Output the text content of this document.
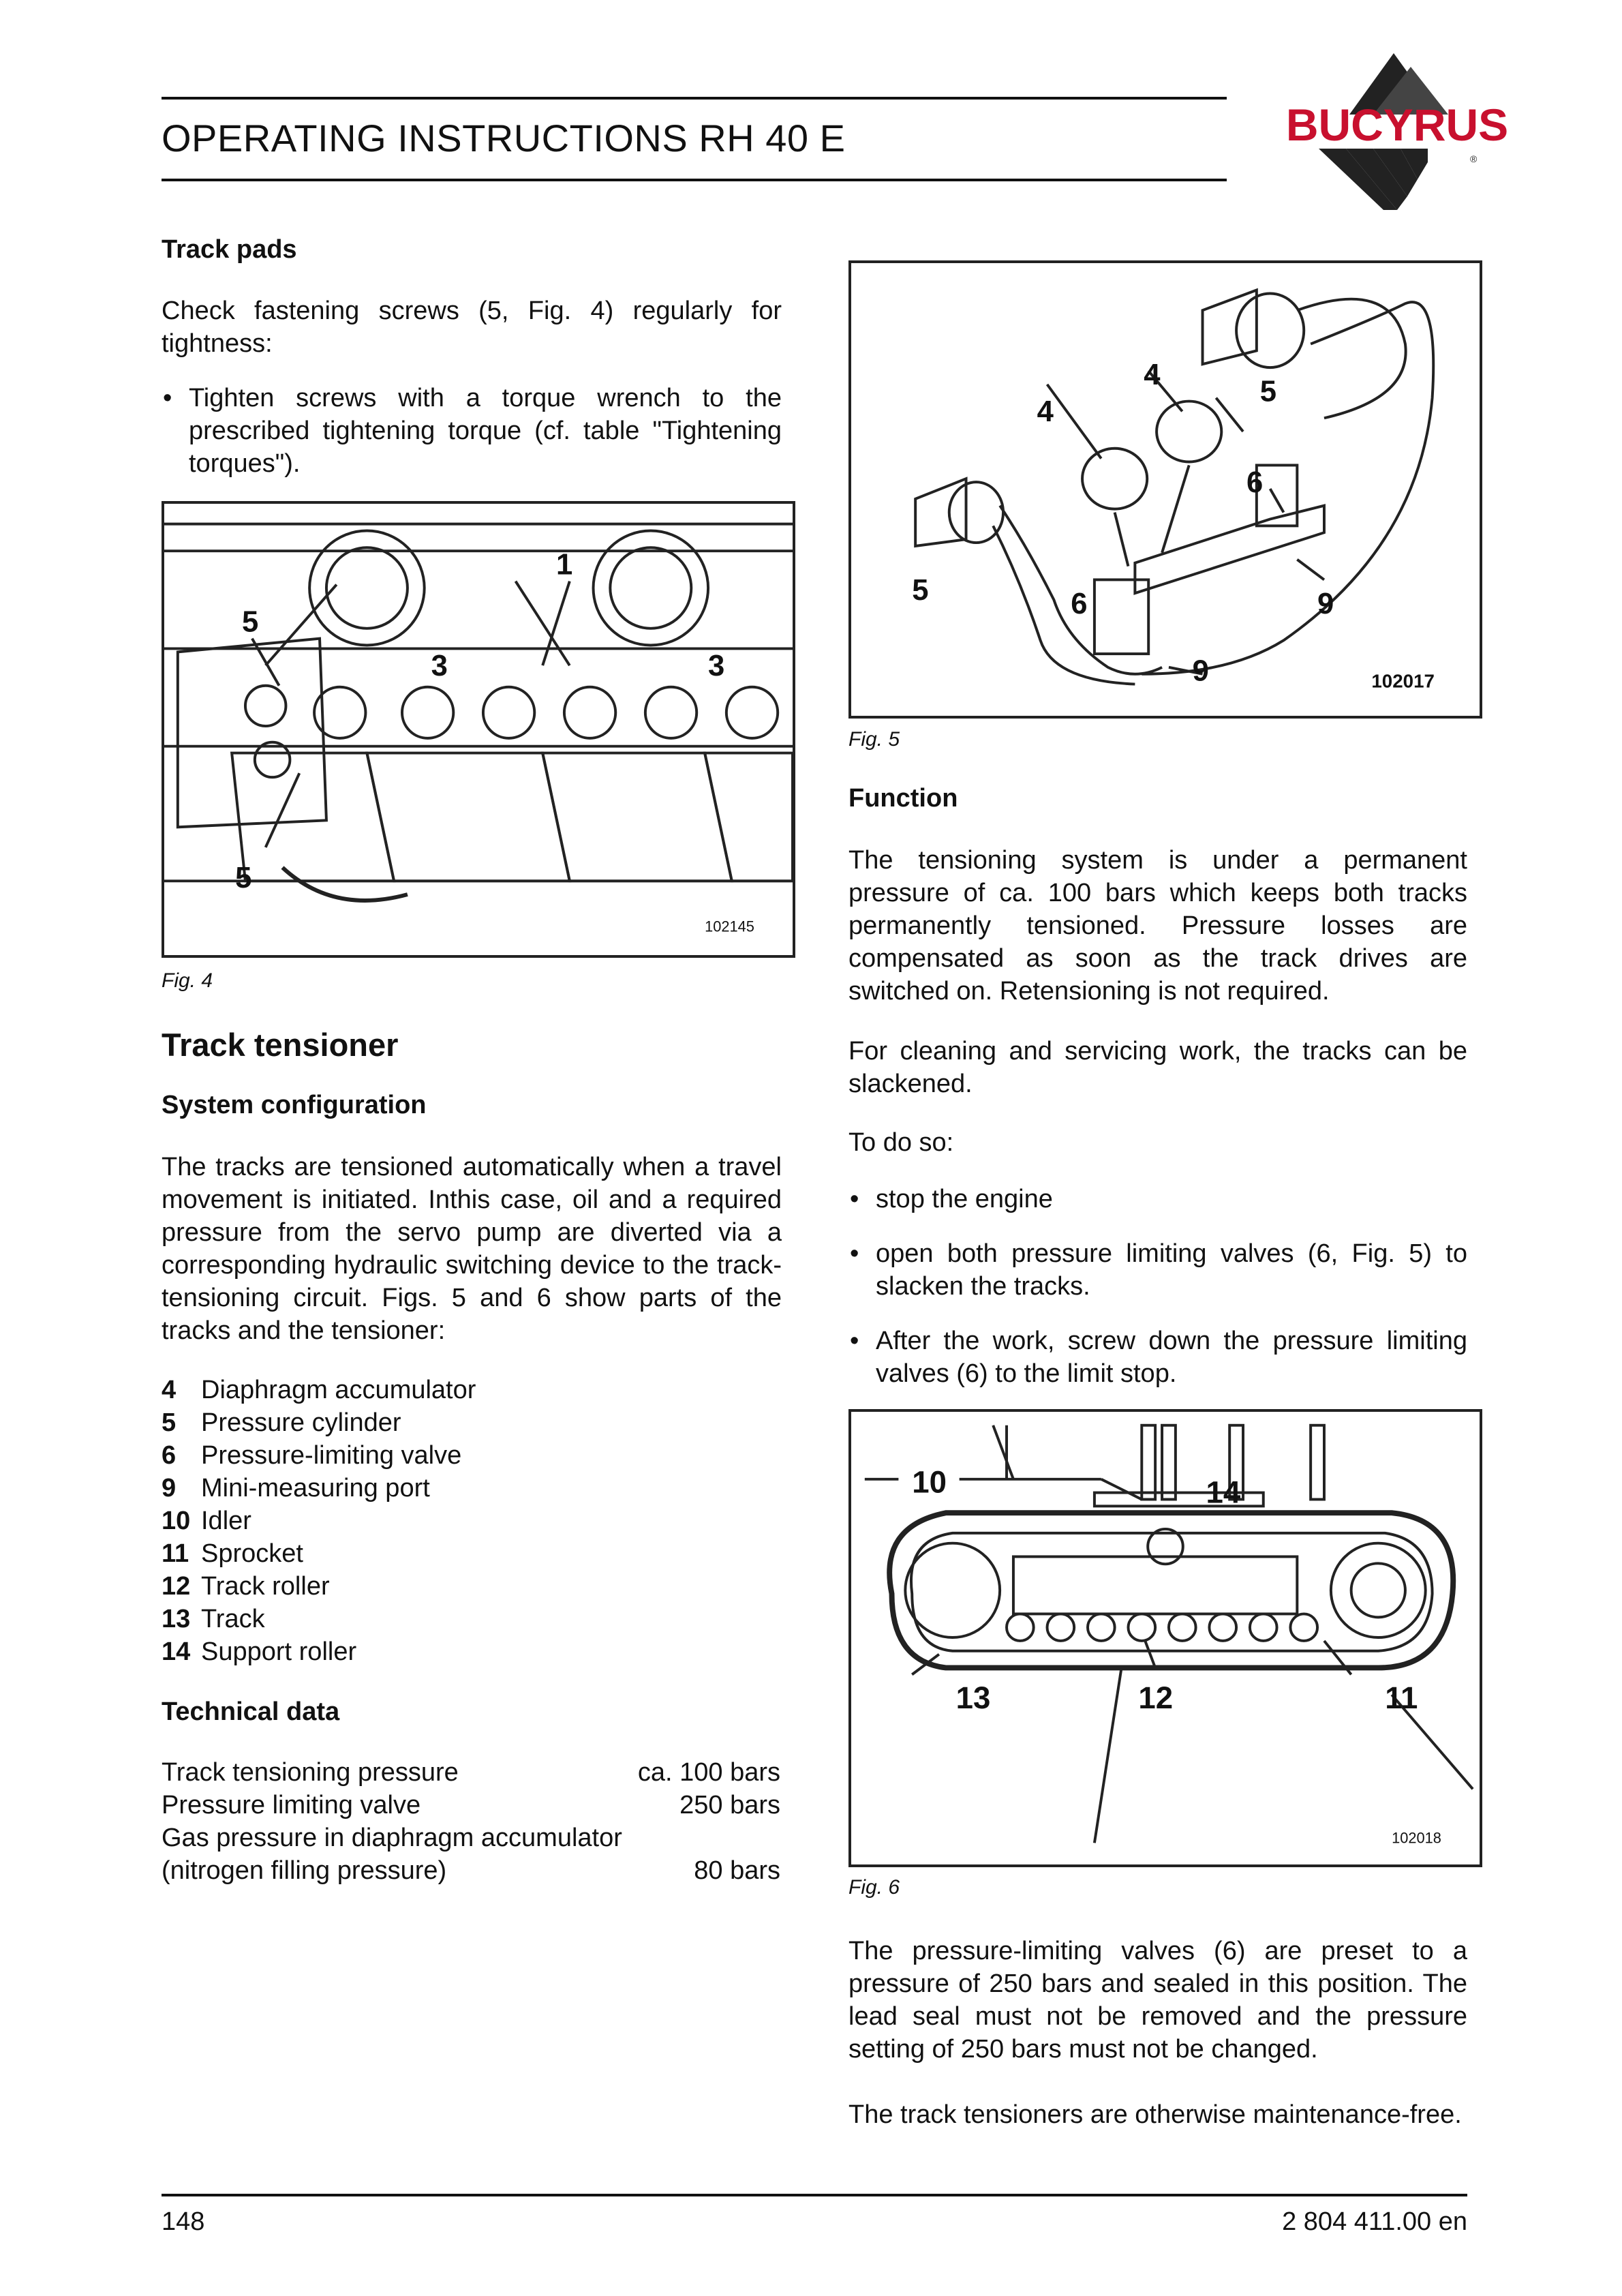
OPERATING INSTRUCTIONS RH 40 E	BUCYRUS
®
Track pads
Check fastening screws (5, Fig. 4) regularly for tightness:
• Tighten screws with a torque wrench to the prescribed tightening torque (cf. table "Tightening torques").
1
5
3	3
5
102145
Fig. 4
Track tensioner
System configuration
The tracks are tensioned automatically when a travel movement is initiated. Inthis case, oil and a required pressure from the servo pump are diverted via a corresponding hydraulic switching device to the track-tensioning circuit. Figs. 5 and 6 show parts of the tracks and the tensioner:
4 Diaphragm accumulator
5 Pressure cylinder
6 Pressure-limiting valve
9 Mini-measuring port
10 Idler
11 Sprocket
12 Track roller
13 Track
14 Support roller
Technical data
Track tensioning pressure	ca. 100 bars
Pressure limiting valve	250 bars
Gas pressure in diaphragm accumulator
(nitrogen filling pressure)	80 bars
4
5
4
6
5	6	9
9	102017
Fig. 5
Function
The tensioning system is under a permanent pressure of ca. 100 bars which keeps both tracks permanently tensioned. Pressure losses are compensated as soon as the track drives are switched on. Retensioning is not required.
For cleaning and servicing work, the tracks can be slackened.
To do so:
• stop the engine
• open both pressure limiting valves (6, Fig. 5) to slacken the tracks.
• After the work, screw down the pressure limiting valves (6) to the limit stop.
10	14
13	12	11
102018
Fig. 6
The pressure-limiting valves (6) are preset to a pressure of 250 bars and sealed in this position. The lead seal must not be removed and the pressure setting of 250 bars must not be changed.
The track tensioners are otherwise maintenance-free.
148	2 804 411.00 en
